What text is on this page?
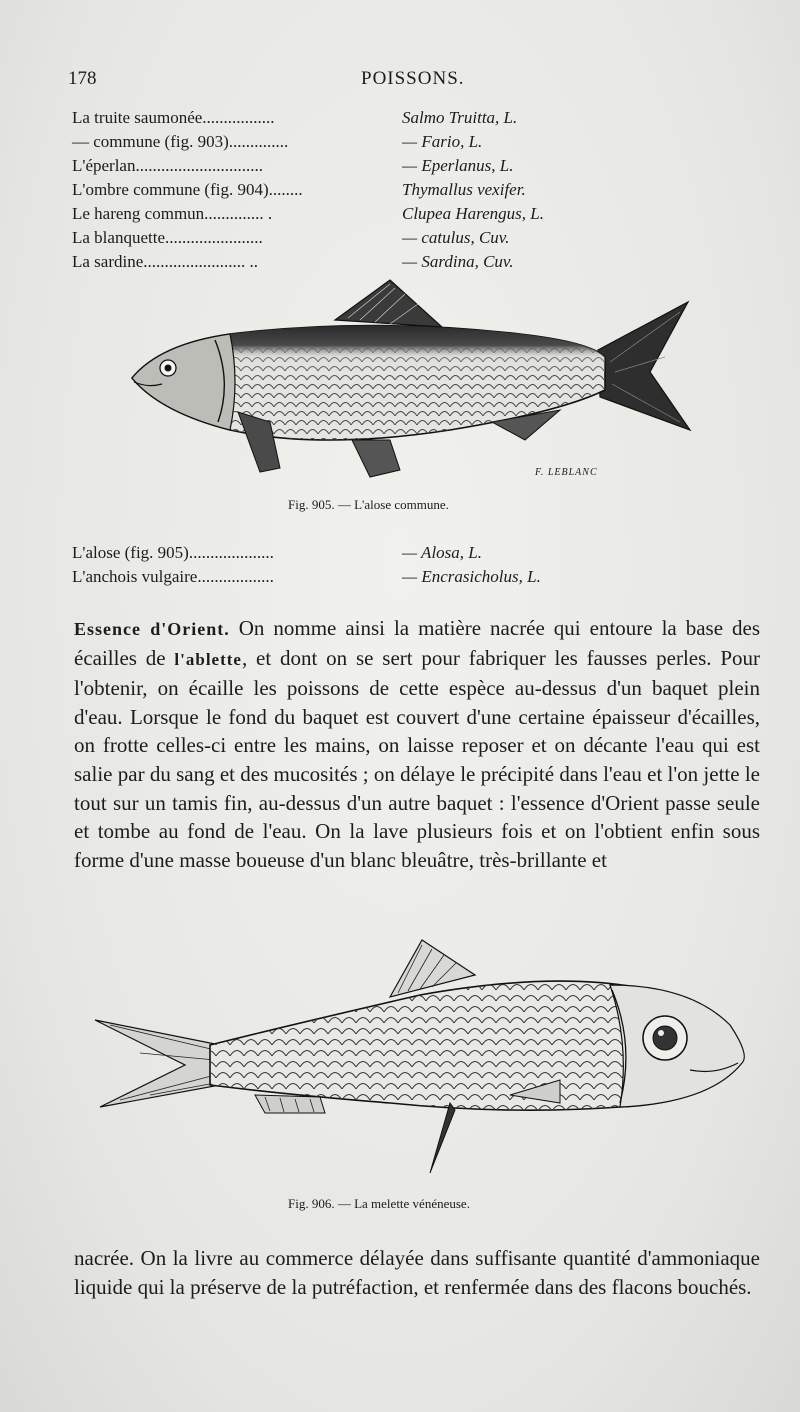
178	POISSONS.
La truite saumonée.................	Salmo Truitta, L.
— commune (fig. 903)..............	— Fario, L.
L'éperlan..............................	— Eperlanus, L.
L'ombre commune (fig. 904)........	Thymallus vexifer.
Le hareng commun.............. .	Clupea Harengus, L.
La blanquette.......................	— catulus, Cuv.
La sardine........................ ..	— Sardina, Cuv.
F. LEBLANC
Fig. 905. — L'alose commune.
L'alose (fig. 905)....................	— Alosa, L.
L'anchois vulgaire..................	— Encrasicholus, L.
Essence d'Orient. On nomme ainsi la matière nacrée qui entoure la base des écailles de l'ablette, et dont on se sert pour fabriquer les fausses perles. Pour l'obtenir, on écaille les poissons de cette espèce au-dessus d'un baquet plein d'eau. Lorsque le fond du baquet est couvert d'une certaine épaisseur d'écailles, on frotte celles-ci entre les mains, on laisse reposer et on décante l'eau qui est salie par du sang et des mucosités ; on délaye le précipité dans l'eau et l'on jette le tout sur un tamis fin, au-dessus d'un autre baquet : l'essence d'Orient passe seule et tombe au fond de l'eau. On la lave plusieurs fois et on l'obtient enfin sous forme d'une masse boueuse d'un blanc bleuâtre, très-brillante et
Fig. 906. — La melette vénéneuse.
nacrée. On la livre au commerce délayée dans suffisante quantité d'ammoniaque liquide qui la préserve de la putréfaction, et renfermée dans des flacons bouchés.
